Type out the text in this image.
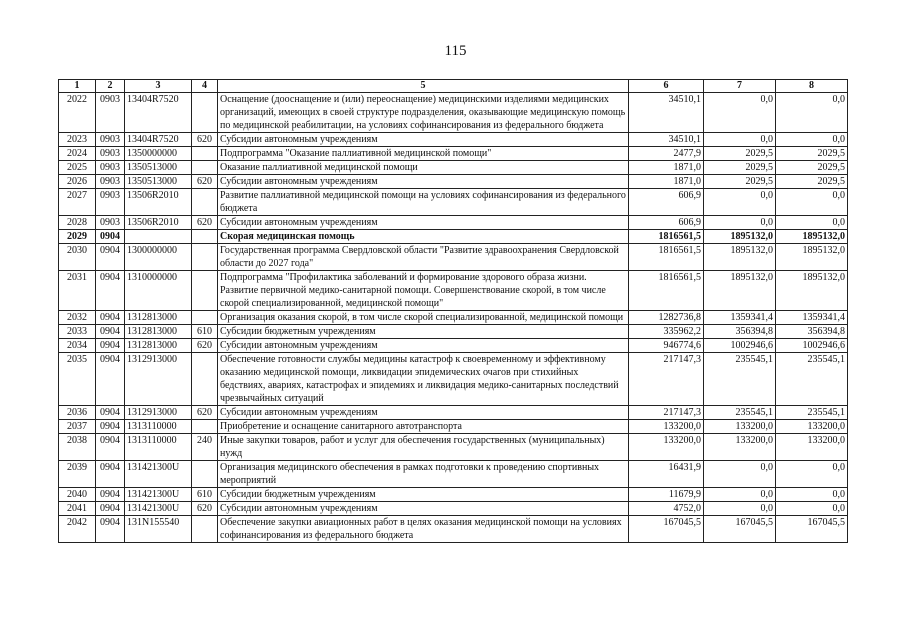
115
1	2	3	4	5	6	7	8
2022	0903	13404R7520		Оснащение (дооснащение и (или) переоснащение) медицинскими изделиями медицинских организаций, имеющих в своей структуре подразделения, оказывающие медицинскую помощь по медицинской реабилитации, на условиях софинансирования из федерального бюджета	34510,1	0,0	0,0
2023	0903	13404R7520	620	Субсидии автономным учреждениям	34510,1	0,0	0,0
2024	0903	1350000000		Подпрограмма "Оказание паллиативной медицинской помощи"	2477,9	2029,5	2029,5
2025	0903	1350513000		Оказание паллиативной медицинской помощи	1871,0	2029,5	2029,5
2026	0903	1350513000	620	Субсидии автономным учреждениям	1871,0	2029,5	2029,5
2027	0903	13506R2010		Развитие паллиативной медицинской помощи на условиях софинансирования из федерального бюджета	606,9	0,0	0,0
2028	0903	13506R2010	620	Субсидии автономным учреждениям	606,9	0,0	0,0
2029	0904			Скорая медицинская помощь	1816561,5	1895132,0	1895132,0
2030	0904	1300000000		Государственная программа Свердловской области "Развитие здравоохранения Свердловской области до 2027 года"	1816561,5	1895132,0	1895132,0
2031	0904	1310000000		Подпрограмма "Профилактика заболеваний и формирование здорового образа жизни. Развитие первичной медико-санитарной помощи. Совершенствование скорой, в том числе скорой специализированной, медицинской помощи"	1816561,5	1895132,0	1895132,0
2032	0904	1312813000		Организация оказания скорой, в том числе скорой специализированной, медицинской помощи	1282736,8	1359341,4	1359341,4
2033	0904	1312813000	610	Субсидии бюджетным учреждениям	335962,2	356394,8	356394,8
2034	0904	1312813000	620	Субсидии автономным учреждениям	946774,6	1002946,6	1002946,6
2035	0904	1312913000		Обеспечение готовности службы медицины катастроф к своевременному и эффективному оказанию медицинской помощи, ликвидации эпидемических очагов при стихийных бедствиях, авариях, катастрофах и эпидемиях и ликвидация медико-санитарных последствий чрезвычайных ситуаций	217147,3	235545,1	235545,1
2036	0904	1312913000	620	Субсидии автономным учреждениям	217147,3	235545,1	235545,1
2037	0904	1313110000		Приобретение и оснащение санитарного автотранспорта	133200,0	133200,0	133200,0
2038	0904	1313110000	240	Иные закупки товаров, работ и услуг для обеспечения государственных (муниципальных) нужд	133200,0	133200,0	133200,0
2039	0904	131421300U		Организация медицинского обеспечения в рамках подготовки к проведению спортивных мероприятий	16431,9	0,0	0,0
2040	0904	131421300U	610	Субсидии бюджетным учреждениям	11679,9	0,0	0,0
2041	0904	131421300U	620	Субсидии автономным учреждениям	4752,0	0,0	0,0
2042	0904	131N155540		Обеспечение закупки авиационных работ в целях оказания медицинской помощи на условиях софинансирования из федерального бюджета	167045,5	167045,5	167045,5
